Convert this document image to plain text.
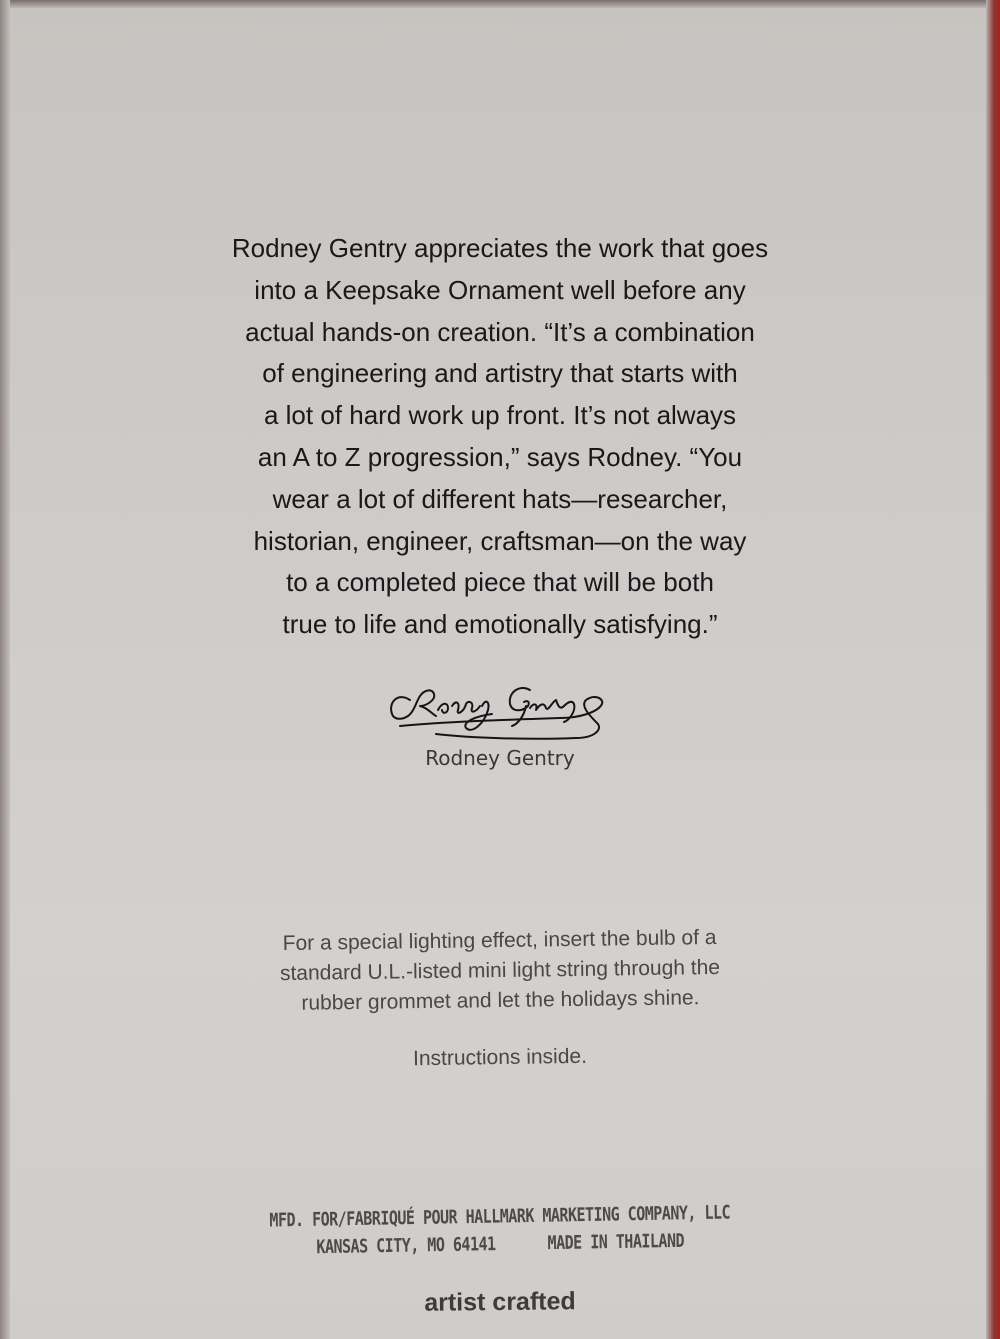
Rodney Gentry appreciates the work that goes
into a Keepsake Ornament well before any
actual hands-on creation. “It’s a combination
of engineering and artistry that starts with
a lot of hard work up front. It’s not always
an A to Z progression,” says Rodney. “You
wear a lot of different hats—researcher,
historian, engineer, craftsman—on the way
to a completed piece that will be both
true to life and emotionally satisfying.”

Rodney Gentry

For a special lighting effect, insert the bulb of a
standard U.L.-listed mini light string through the
rubber grommet and let the holidays shine.

Instructions inside.
MFD. FOR/FABRIQUÉ POUR HALLMARK MARKETING COMPANY, LLC
KANSAS CITY, MO 64141	MADE IN THAILAND
artist crafted
